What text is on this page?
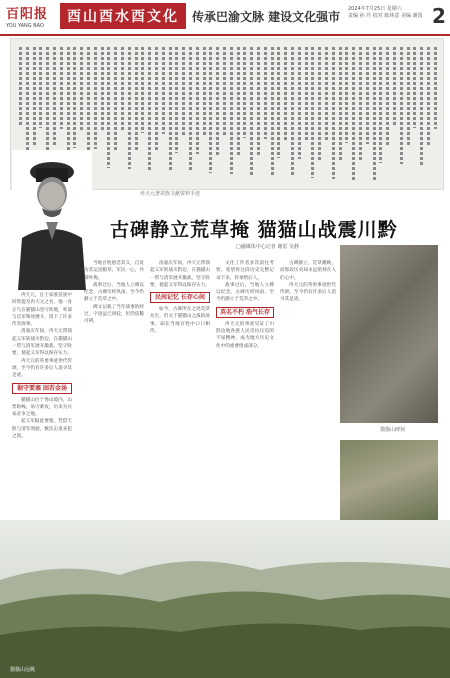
百阳报
YOU YANG BAO
酉山酉水酉文化	传承巴渝文脉 建设文化强市
2024年7月25日 星期六
责编 孙 丹 校对 陈林意 美编 谢国 2
冉天元著苗族文献资料手迹
古碑静立荒草掩 猫猫山战震川黔
□融媒体中心记者 谢雷 吴静

冉天元，在土家族苗族中时常提及冉天元之名，他一身正气在猫猫山坚守阵地，率部与官军殊死搏斗，留下了许多传奇故事。

清嘉庆年间，冉天元带领起义军转战川黔边，在猫猫山一带与清军展开激战，坚守险要，使起义军得以保存实力。

冉天元的英勇事迹世代传颂，至今仍有许多后人追寻其足迹。

据守要塞 固若金汤

猫猫山位于秀山境内，山势险峻，易守难攻，历来为兵家必争之地。

起义军据此要塞，凭借天险与清军周旋，数次击退来犯之敌。

当地百姓感念其义，自发为其运送粮草，军民一心，共御外侮。

战事过后，当地人立碑以纪念，古碑历经风雨，至今仍静立于荒草之中。

碑文记载了当年战事的经过，字迹虽已斑驳，但仍依稀可辨。

清嘉庆年间，冉天元带领起义军转战川黔边，在猫猫山一带与清军展开激战，坚守险要，使起义军得以保存实力。

民间记忆 长存心间

如今，古碑所在之处荒草丛生，但关于猫猫山之战的故事，却在当地百姓中口口相传。

文化工作者多次前往考察，希望将这段历史完整记录下来，传承给后人。

战事过后，当地人立碑以纪念，古碑历经风雨，至今仍静立于荒草之中。

英名不朽 浩气长存

冉天元的事迹见证了川黔边地各族人民反抗压迫的不屈精神，成为地方历史文化中的重要组成部分。

古碑静立，荒草掩映，而那段历史却永远铭刻在人们心中。

冉天元的英勇事迹世代传颂，至今仍有许多后人追寻其足迹。

猫猫山碑刻
猫猫山远眺
